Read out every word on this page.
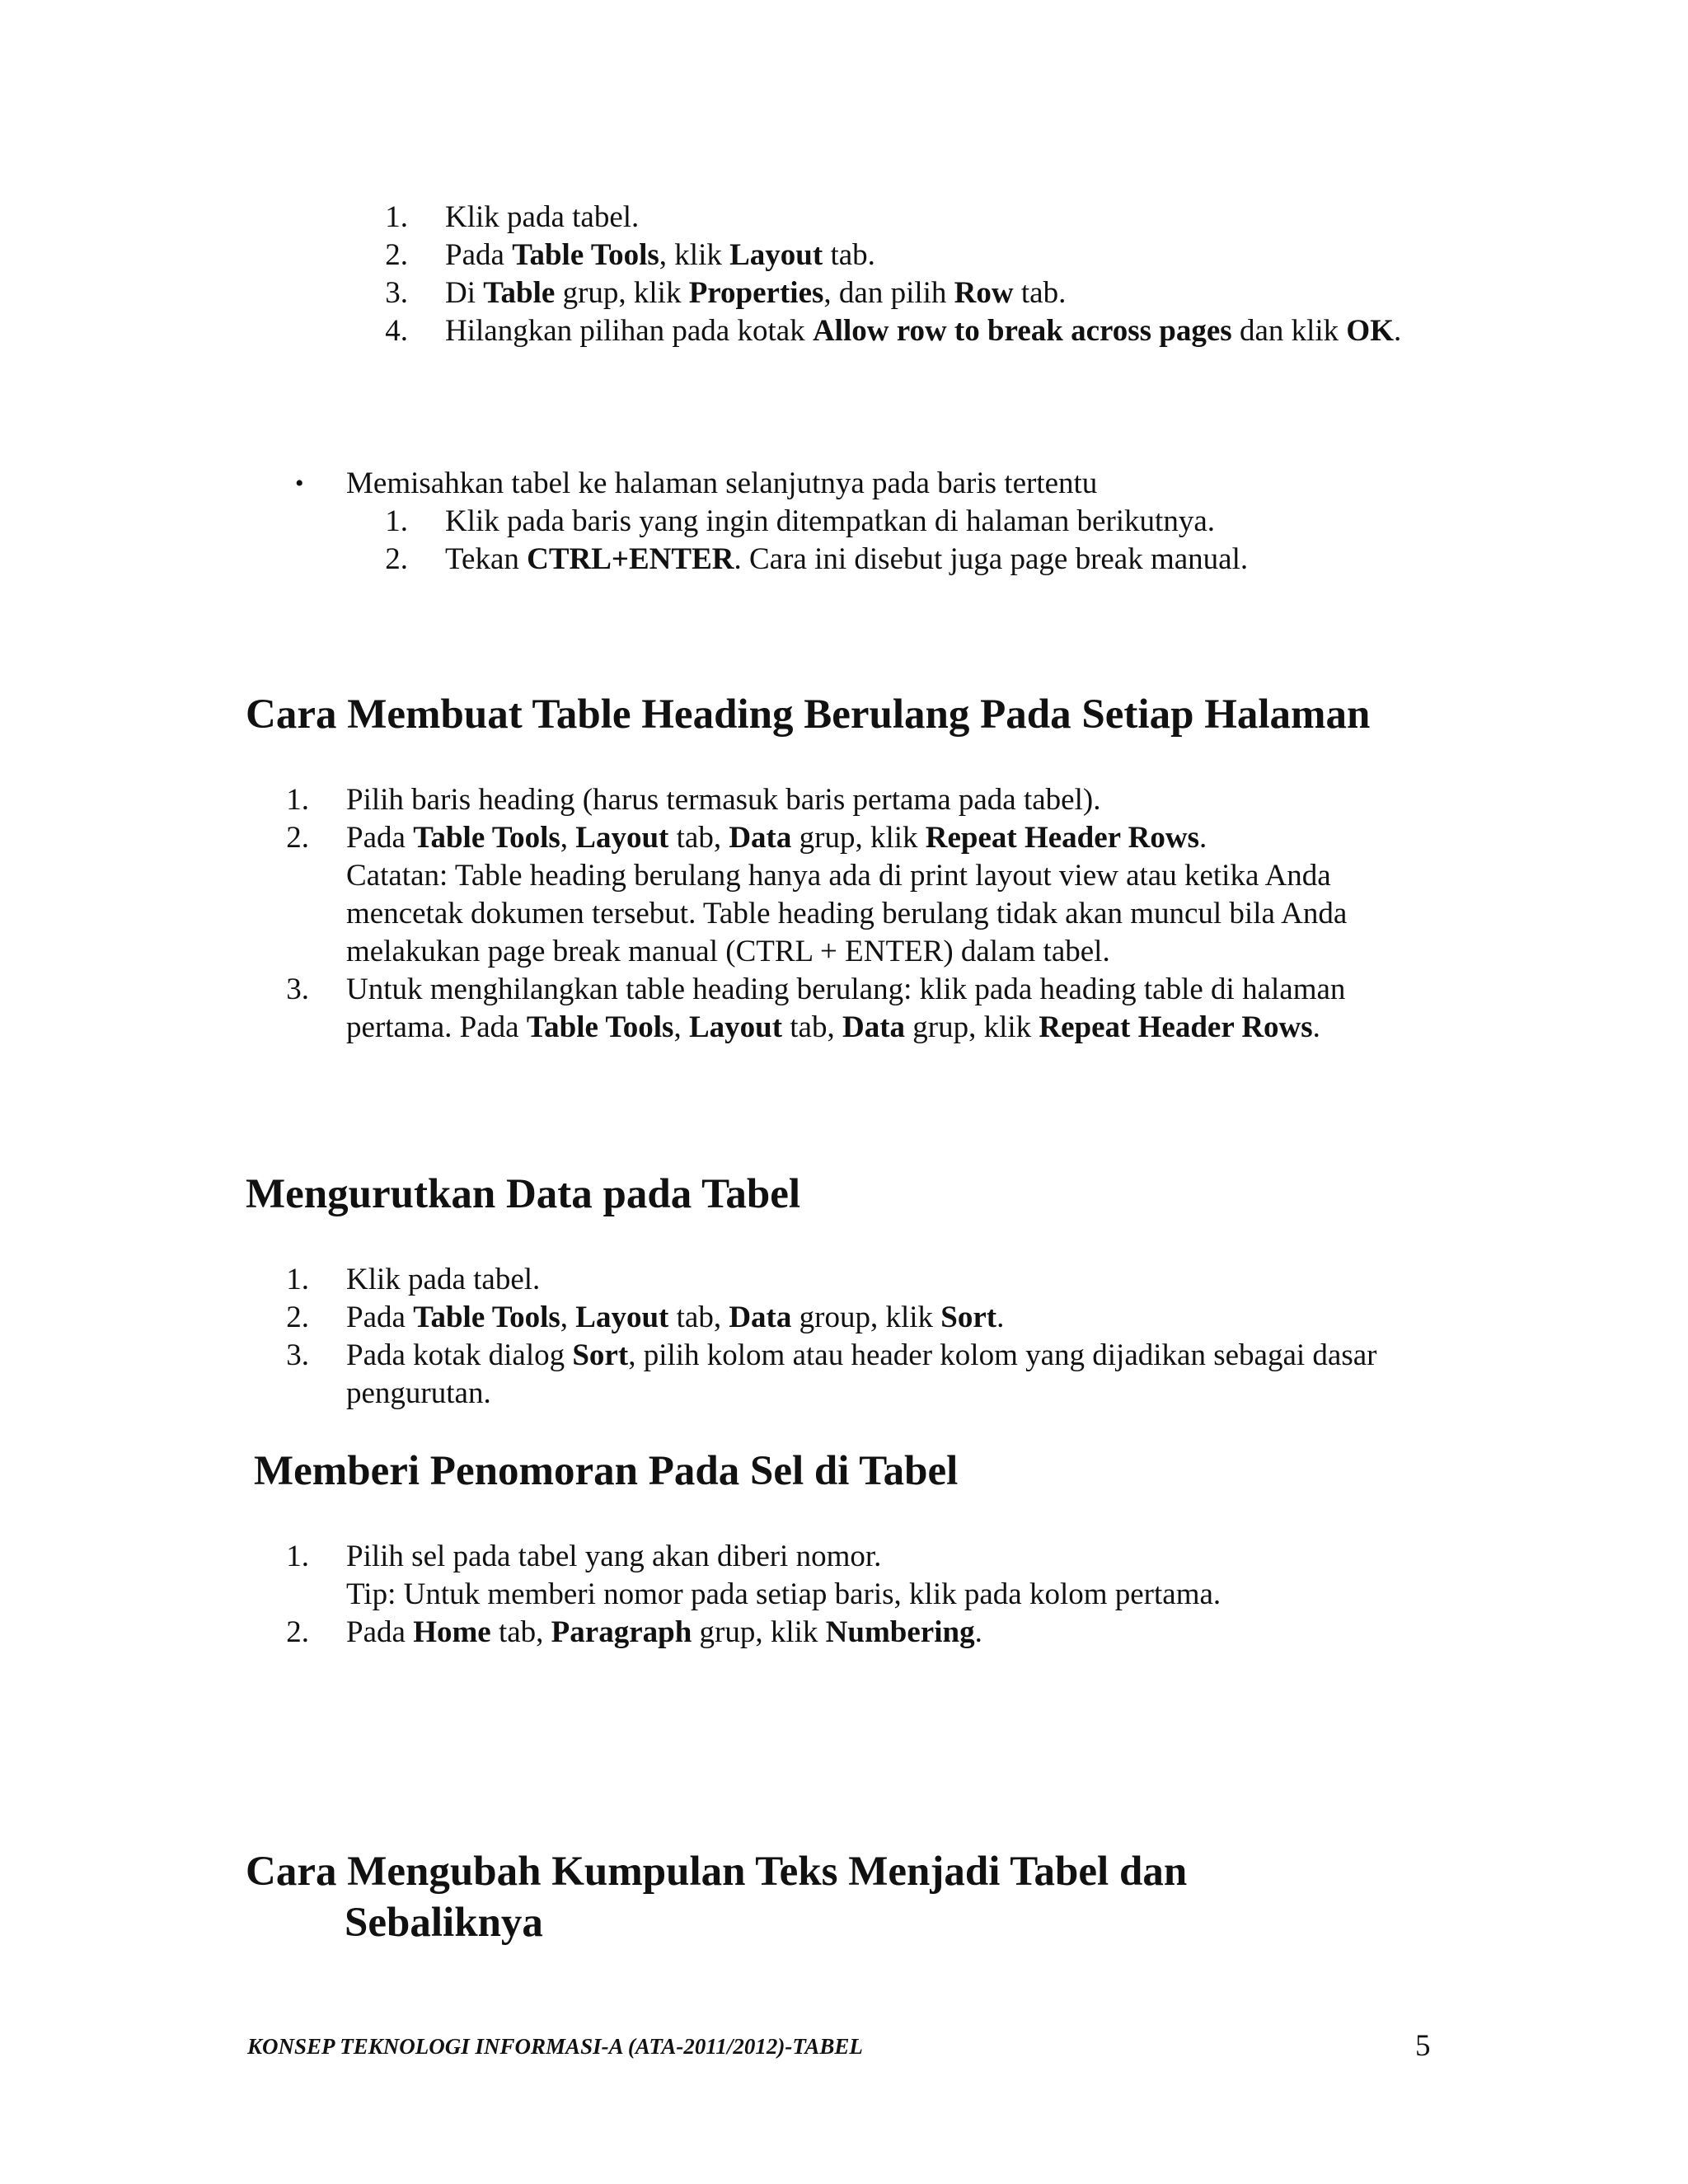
1. Klik pada tabel.
2. Pada Table Tools, klik Layout tab.
3. Di Table grup, klik Properties, dan pilih Row tab.
4. Hilangkan pilihan pada kotak Allow row to break across pages dan klik OK.
• Memisahkan tabel ke halaman selanjutnya pada baris tertentu
1. Klik pada baris yang ingin ditempatkan di halaman berikutnya.
2. Tekan CTRL+ENTER. Cara ini disebut juga page break manual.
Cara Membuat Table Heading Berulang Pada Setiap Halaman
1. Pilih baris heading (harus termasuk baris pertama pada tabel).
2. Pada Table Tools, Layout tab, Data grup, klik Repeat Header Rows.
Catatan: Table heading berulang hanya ada di print layout view atau ketika Anda mencetak dokumen tersebut. Table heading berulang tidak akan muncul bila Anda melakukan page break manual (CTRL + ENTER) dalam tabel.
3. Untuk menghilangkan table heading berulang: klik pada heading table di halaman pertama. Pada Table Tools, Layout tab, Data grup, klik Repeat Header Rows.
Mengurutkan Data pada Tabel
1. Klik pada tabel.
2. Pada Table Tools, Layout tab, Data group, klik Sort.
3. Pada kotak dialog Sort, pilih kolom atau header kolom yang dijadikan sebagai dasar pengurutan.
Memberi Penomoran Pada Sel di Tabel
1. Pilih sel pada tabel yang akan diberi nomor.
Tip: Untuk memberi nomor pada setiap baris, klik pada kolom pertama.
2. Pada Home tab, Paragraph grup, klik Numbering.
Cara Mengubah Kumpulan Teks Menjadi Tabel dan
Sebaliknya
KONSEP TEKNOLOGI INFORMASI-A (ATA-2011/2012)-TABEL	5
